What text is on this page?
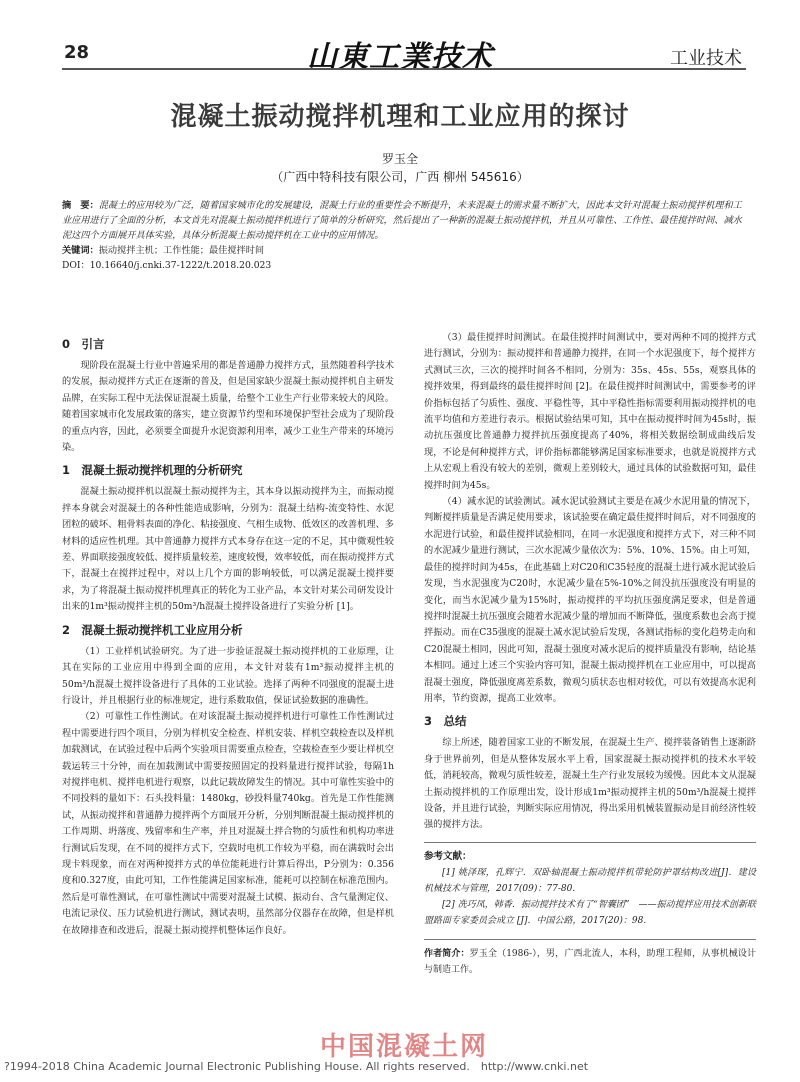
28	山東工業技术	工业技术
混凝土振动搅拌机理和工业应用的探讨
罗玉全
（广西中特科技有限公司，广西 柳州 545616）
摘　要：混凝土的应用较为广泛，随着国家城市化的发展建设，混凝土行业的重要性会不断提升，未来混凝土的需求量不断扩大，因此本文针对混凝土振动搅拌机理和工业应用进行了全面的分析，本文首先对混凝土振动搅拌机进行了简单的分析研究，然后提出了一种新的混凝土振动搅拌机，并且从可靠性、工作性、最佳搅拌时间、减水泥这四个方面展开具体实验，具体分析混凝土振动搅拌机在工业中的应用情况。
关键词：振动搅拌主机；工作性能；最佳搅拌时间
DOI：10.16640/j.cnki.37-1222/t.2018.20.023
0　引言

现阶段在混凝土行业中普遍采用的都是普通静力搅拌方式，虽然随着科学技术的发展，振动搅拌方式正在逐渐的普及，但是国家缺少混凝土振动搅拌机自主研发品牌，在实际工程中无法保证混凝土质量，给整个工业生产行业带来较大的风险。随着国家城市化发展政策的落实，建立资源节约型和环境保护型社会成为了现阶段的重点内容，因此，必须要全面提升水泥资源利用率，减少工业生产带来的环境污染。

1　混凝土振动搅拌机理的分析研究

混凝土振动搅拌机以混凝土振动搅拌为主，其本身以振动搅拌为主，而振动搅拌本身就会对混凝土的各种性能造成影响，分别为：混凝土结构-流变特性、水泥团粒的破坏、粗骨料表面的净化、粘接强度、气相生成物、低效区的改善机理、多材料的适应性机理。其中普通静力搅拌方式本身存在这一定的不足，其中微观性较差、界面联接强度较低、搅拌质量较差，速度较慢，效率较低，而在振动搅拌方式下，混凝土在搅拌过程中，对以上几个方面的影响较低，可以满足混凝土搅拌要求，为了将混凝土振动搅拌机理真正的转化为工业产品，本文针对某公司研发设计出来的1m³振动搅拌主机的50m³/h混凝土搅拌设备进行了实验分析 [1]。

2　混凝土振动搅拌机工业应用分析

（1）工业样机试验研究。为了进一步验证混凝土振动搅拌机的工业原理，让其在实际的工业应用中得到全面的应用，本文针对装有1m³振动搅拌主机的50m³/h混凝土搅拌设备进行了具体的工业试验。选择了两种不同强度的混凝土进行设计，并且根据行业的标准规定，进行系数取值，保证试验数据的准确性。

（2）可靠性工作性测试。在对该混凝土振动搅拌机进行可靠性工作性测试过程中需要进行四个项目，分别为样机安全检查、样机安装、样机空载检查以及样机加载测试，在试验过程中后两个实验项目需要重点检查，空载检查至少要让样机空载运转三十分钟，而在加载测试中需要按照固定的投料量进行搅拌试验，每隔1h对搅拌电机、搅拌电机进行观察，以此记载故障发生的情况。其中可靠性实验中的不同投料的量如下：石头投料量：1480kg，砂投料量740kg。首先是工作性能测试，从振动搅拌和普通静力搅拌两个方面展开分析，分别判断混凝土振动搅拌机的工作周期、坍落度、残留率和生产率，并且对混凝土拌合物的匀质性和机构功率进行测试后发现，在不同的搅拌方式下，空载时电机工作较为平稳，而在满载时会出现卡料现象，而在对两种搅拌方式的单位能耗进行计算后得出，P分别为：0.356度和0.327度，由此可知，工作性能满足国家标准，能耗可以控制在标准范围内。然后是可靠性测试，在可靠性测试中需要对混凝土试模、振动台、含气量测定仪、电流记录仪、压力试验机进行测试，测试表明，虽然部分仪器存在故障，但是样机在故障排查和改进后，混凝土振动搅拌机整体运作良好。

（3）最佳搅拌时间测试。在最佳搅拌时间测试中，要对两种不同的搅拌方式进行测试，分别为：振动搅拌和普通静力搅拌，在同一个水泥强度下，每个搅拌方式测试三次，三次的搅拌时间各不相同，分别为：35s、45s、55s，观察具体的搅拌效果，得到最终的最佳搅拌时间 [2]。在最佳搅拌时间测试中，需要参考的评价指标包括了匀质性、强度、平稳性等，其中平稳性指标需要利用振动搅拌机的电流平均值和方差进行表示。根据试验结果可知，其中在振动搅拌时间为45s时，振动抗压强度比普通静力搅拌抗压强度提高了40%，将相关数据绘制成曲线后发现，不论是何种搅拌方式，评价指标都能够满足国家标准要求，也就是说搅拌方式上从宏观上看没有较大的差别，微观上差别较大，通过具体的试验数据可知，最佳搅拌时间为45s。

（4）减水泥的试验测试。减水泥试验测试主要是在减少水泥用量的情况下，判断搅拌质量是否满足使用要求，该试验要在确定最佳搅拌时间后，对不同强度的水泥进行试验，和最佳搅拌试验相同，在同一水泥强度和搅拌方式下，对三种不同的水泥减少量进行测试，三次水泥减少量依次为：5%、10%、15%。由上可知，最佳的搅拌时间为45s，在此基础上对C20和C35轻度的混凝土进行减水泥试验后发现，当水泥强度为C20时，水泥减少量在5%-10%之间没抗压强度没有明显的变化，而当水泥减少量为15%时，振动搅拌的平均抗压强度满足要求，但是普通搅拌时混凝土抗压强度会随着水泥减少量的增加而不断降低，强度系数也会高于搅拌振动。而在C35强度的混凝土减水泥试验后发现，各测试指标的变化趋势走向和C20混凝土相同，因此可知，混凝土强度对减水泥后的搅拌质量没有影响，结论基本相同。通过上述三个实验内容可知，混凝土振动搅拌机在工业应用中，可以提高混凝土强度，降低强度离差系数，微观匀质状态也相对较优，可以有效提高水泥利用率，节约资源，提高工业效率。

3　总结

综上所述，随着国家工业的不断发展，在混凝土生产、搅拌装备销售上逐渐跻身于世界前列，但是从整体发展水平上看，国家混凝土振动搅拌机的技术水平较低，消耗较高，微观匀质性较差，混凝土生产行业发展较为缓慢。因此本文从混凝土振动搅拌机的工作原理出发，设计形成1m³振动搅拌主机的50m³/h混凝土搅拌设备，并且进行试验，判断实际应用情况，得出采用机械装置振动是目前经济性较强的搅拌方法。

参考文献：

[1] 姚泽琛，孔辉宁．双卧轴混凝土振动搅拌机带轮防护罩结构改进[J]．建设机械技术与管理，2017(09)：77-80.

[2] 冼巧凤，韩香．振动搅拌技术有了“智囊团”　——振动搅拌应用技术创新联盟路面专家委员会成立 [J]．中国公路，2017(20)：98.

作者简介：罗玉全（1986-），男，广西北流人，本科，助理工程师，从事机械设计与制造工作。
中国混凝土网
?1994-2018 China Academic Journal Electronic Publishing House. All rights reserved.　http://www.cnki.net
